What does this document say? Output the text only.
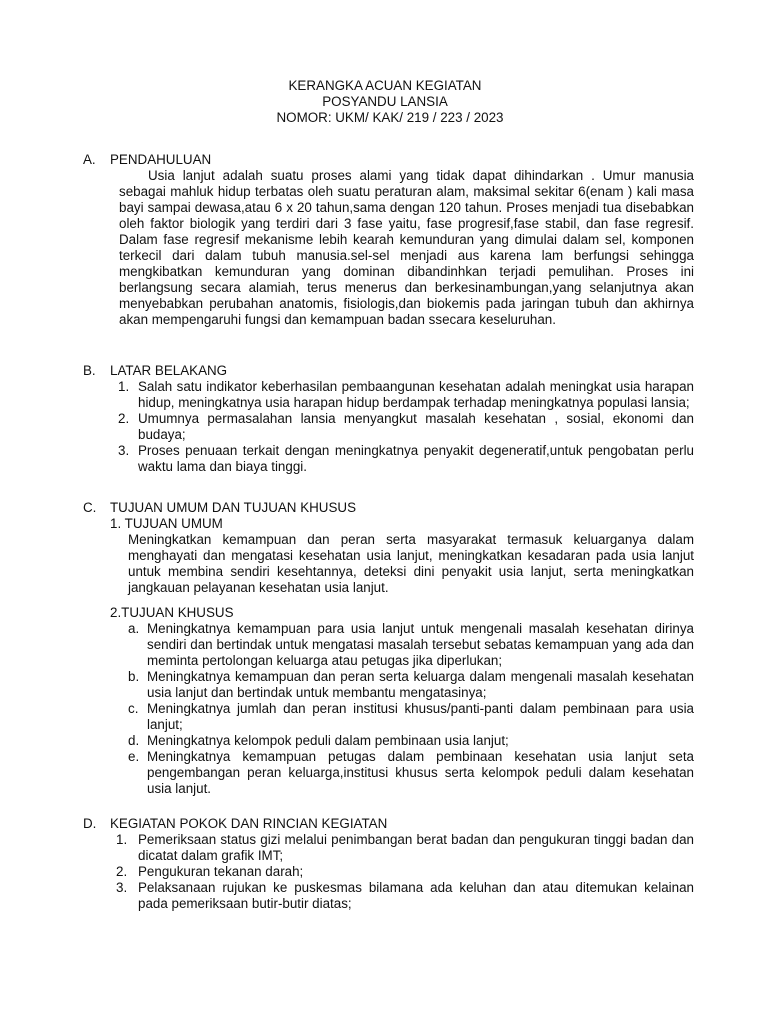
KERANGKA ACUAN KEGIATAN
POSYANDU LANSIA
NOMOR: UKM/ KAK/ 219 / 223 / 2023
A. PENDAHULUAN
Usia lanjut adalah suatu proses alami yang tidak dapat dihindarkan . Umur manusia sebagai mahluk hidup terbatas oleh suatu peraturan alam, maksimal sekitar 6(enam ) kali masa bayi sampai dewasa,atau 6 x 20 tahun,sama dengan 120 tahun. Proses menjadi tua disebabkan oleh faktor biologik yang terdiri dari 3 fase yaitu, fase progresif,fase stabil, dan fase regresif. Dalam fase regresif mekanisme lebih kearah kemunduran yang dimulai dalam sel, komponen terkecil dari dalam tubuh manusia.sel-sel menjadi aus karena lam berfungsi sehingga mengkibatkan kemunduran yang dominan dibandinhkan terjadi pemulihan. Proses ini berlangsung secara alamiah, terus menerus dan berkesinambungan,yang selanjutnya akan menyebabkan perubahan anatomis, fisiologis,dan biokemis pada jaringan tubuh dan akhirnya akan mempengaruhi fungsi dan kemampuan badan ssecara keseluruhan.
B. LATAR BELAKANG
1. Salah satu indikator keberhasilan pembaangunan kesehatan adalah meningkat usia harapan hidup, meningkatnya usia harapan hidup berdampak terhadap meningkatnya populasi lansia;
2. Umumnya permasalahan lansia menyangkut masalah kesehatan , sosial, ekonomi dan budaya;
3. Proses penuaan terkait dengan meningkatnya penyakit degeneratif,untuk pengobatan perlu waktu lama dan biaya tinggi.
C. TUJUAN UMUM DAN TUJUAN KHUSUS
1. TUJUAN UMUM
Meningkatkan kemampuan dan peran serta masyarakat termasuk keluarganya dalam menghayati dan mengatasi kesehatan usia lanjut, meningkatkan kesadaran pada usia lanjut untuk membina sendiri kesehtannya, deteksi dini penyakit usia lanjut, serta meningkatkan jangkauan pelayanan kesehatan usia lanjut.
2.TUJUAN KHUSUS
a. Meningkatnya kemampuan para usia lanjut untuk mengenali masalah kesehatan dirinya sendiri dan bertindak untuk mengatasi masalah tersebut sebatas kemampuan yang ada dan meminta pertolongan keluarga atau petugas jika diperlukan;
b. Meningkatnya kemampuan dan peran serta keluarga dalam mengenali masalah kesehatan usia lanjut dan bertindak untuk membantu mengatasinya;
c. Meningkatnya jumlah dan peran institusi khusus/panti-panti dalam pembinaan para usia lanjut;
d. Meningkatnya kelompok peduli dalam pembinaan usia lanjut;
e. Meningkatnya kemampuan petugas dalam pembinaan kesehatan usia lanjut seta pengembangan peran keluarga,institusi khusus serta kelompok peduli dalam kesehatan usia lanjut.
D. KEGIATAN POKOK DAN RINCIAN KEGIATAN
1. Pemeriksaan status gizi melalui penimbangan berat badan dan pengukuran tinggi badan dan dicatat dalam grafik IMT;
2. Pengukuran tekanan darah;
3. Pelaksanaan rujukan ke puskesmas bilamana ada keluhan dan atau ditemukan kelainan pada pemeriksaan butir-butir diatas;
